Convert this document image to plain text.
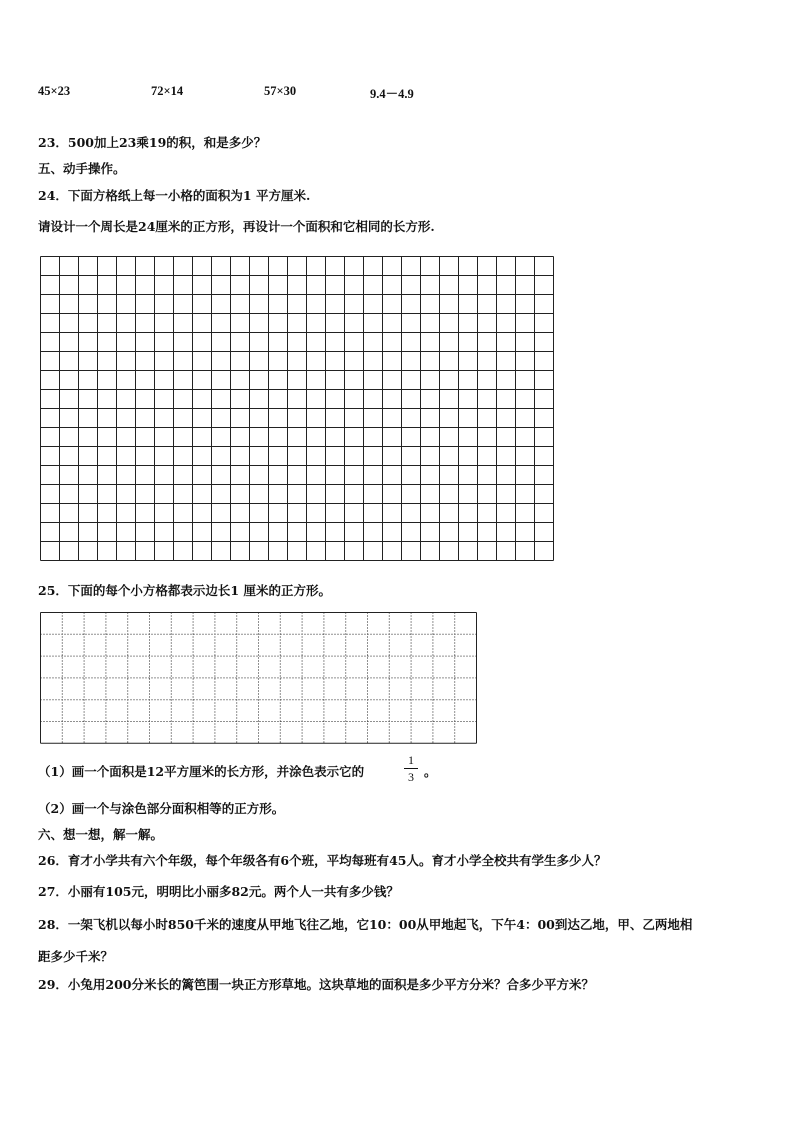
45×23	72×14	57×30	9.4－4.9
23．500加上23乘19的积，和是多少？
五、动手操作。
24．下面方格纸上每一小格的面积为1 平方厘米.
请设计一个周长是24厘米的正方形，再设计一个面积和它相同的长方形.
25．下面的每个小方格都表示边长1 厘米的正方形。
（1）画一个面积是12平方厘米的长方形，并涂色表示它的
1
3 。
（2）画一个与涂色部分面积相等的正方形。
六、想一想，解一解。
26．育才小学共有六个年级，每个年级各有6个班，平均每班有45人。育才小学全校共有学生多少人？
27．小丽有105元，明明比小丽多82元。两个人一共有多少钱？
28．一架飞机以每小时850千米的速度从甲地飞往乙地，它10：00从甲地起飞，下午4：00到达乙地，甲、乙两地相
距多少千米？
29．小兔用200分米长的篱笆围一块正方形草地。这块草地的面积是多少平方分米？合多少平方米？
